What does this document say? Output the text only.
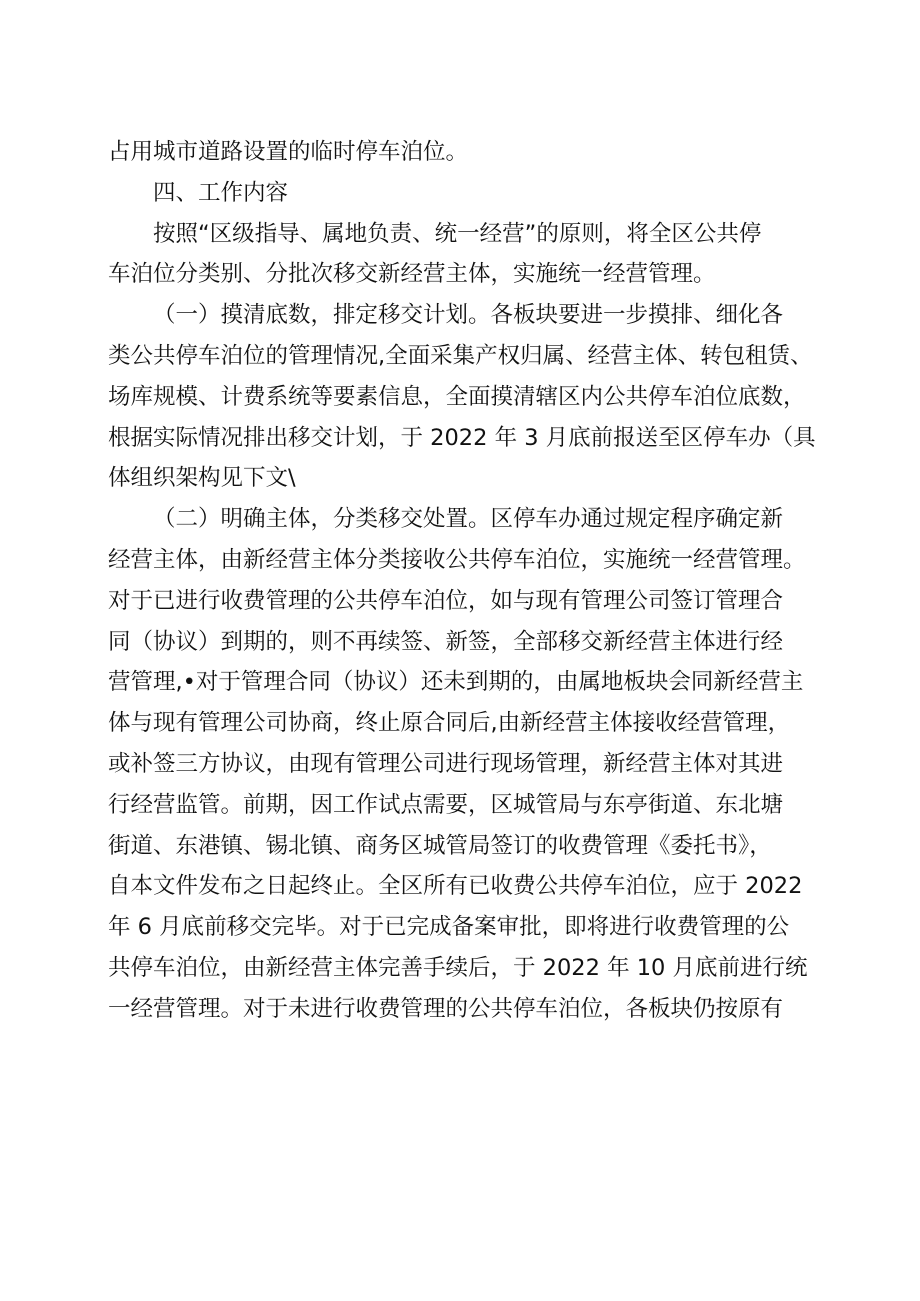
占用城市道路设置的临时停车泊位。
四、工作内容
按照“区级指导、属地负责、统一经营”的原则，将全区公共停
车泊位分类别、分批次移交新经营主体，实施统一经营管理。
（一）摸清底数，排定移交计划。各板块要进一步摸排、细化各
类公共停车泊位的管理情况,全面采集产权归属、经营主体、转包租赁、
场库规模、计费系统等要素信息，全面摸清辖区内公共停车泊位底数，
根据实际情况排出移交计划，于 2022 年 3 月底前报送至区停车办（具
体组织架构见下文\
（二）明确主体，分类移交处置。区停车办通过规定程序确定新
经营主体，由新经营主体分类接收公共停车泊位，实施统一经营管理。
对于已进行收费管理的公共停车泊位，如与现有管理公司签订管理合
同（协议）到期的，则不再续签、新签，全部移交新经营主体进行经
营管理,•对于管理合同（协议）还未到期的，由属地板块会同新经营主
体与现有管理公司协商，终止原合同后,由新经营主体接收经营管理，
或补签三方协议，由现有管理公司进行现场管理，新经营主体对其进
行经营监管。前期，因工作试点需要，区城管局与东亭街道、东北塘
街道、东港镇、锡北镇、商务区城管局签订的收费管理《委托书》，
自本文件发布之日起终止。全区所有已收费公共停车泊位，应于 2022
年 6 月底前移交完毕。对于已完成备案审批，即将进行收费管理的公
共停车泊位，由新经营主体完善手续后，于 2022 年 10 月底前进行统
一经营管理。对于未进行收费管理的公共停车泊位，各板块仍按原有
